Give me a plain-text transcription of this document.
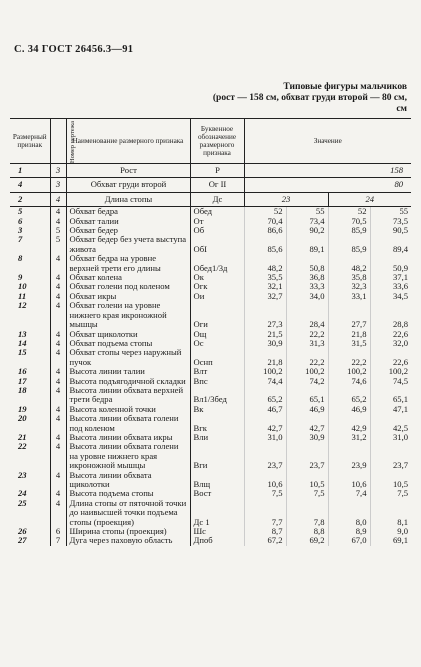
С. 34 ГОСТ 26456.3—91
Типовые фигуры мальчиков
(рост — 158 см, обхват груди второй — 80 см,
см
Размерный признак	Номер чертежа	Наименование размерного признака	Буквенное обозначение размерного признака	Значение			
1	3	Рост	Р	158			
4	3	Обхват груди второй	Ог II	80			
2	4	Длина стопы	Дс	23		24	
5	4	Обхват бедра	Обед	52	55	52	55
6	4	Обхват талии	От	70,4	73,4	70,5	73,5
3	5	Обхват бедер	Об	86,6	90,2	85,9	90,5
7	5	Обхват бедер без учета выступа живота	ОбI	85,6	89,1	85,9	89,4
8	4	Обхват бедра на уровне верхней трети его длины	Обед1/3д	48,2	50,8	48,2	50,9
9	4	Обхват колена	Ок	35,5	36,8	35,8	37,1
10	4	Обхват голени под коленом	Огк	32,1	33,3	32,3	33,6
11	4	Обхват икры	Ои	32,7	34,0	33,1	34,5
12	4	Обхват голени на уровне нижнего края икроножной мышцы	Оги	27,3	28,4	27,7	28,8
13	4	Обхват щиколотки	Ощ	21,5	22,2	21,8	22,6
14	4	Обхват подъема стопы	Ос	30,9	31,3	31,5	32,0
15	4	Обхват стопы через наружный пучок	Оснп	21,8	22,2	22,2	22,6
16	4	Высота линии талии	Влт	100,2	100,2	100,2	100,2
17	4	Высота подъягодичной складки	Впс	74,4	74,2	74,6	74,5
18	4	Высота линии обхвата верхней трети бедра	Вл1/3бед	65,2	65,1	65,2	65,1
19	4	Высота коленной точки	Вк	46,7	46,9	46,9	47,1
20	4	Высота линии обхвата голени под коленом	Вгк	42,7	42,7	42,9	42,5
21	4	Высота линии обхвата икры	Вли	31,0	30,9	31,2	31,0
22	4	Высота линии обхвата голени на уровне нижнего края икроножной мышцы	Вги	23,7	23,7	23,9	23,7
23	4	Высота линии обхвата щиколотки	Влщ	10,6	10,5	10,6	10,5
24	4	Высота подъема стопы	Вост	7,5	7,5	7,4	7,5
25	4	Длина стопы от пяточной точки до наивысшей точки подъема стопы (проекция)	Дс 1	7,7	7,8	8,0	8,1
26	6	Ширина стопы (проекция)	Шс	8,7	8,8	8,9	9,0
27	7	Дуга через паховую область	Дпоб	67,2	69,2	67,0	69,1
